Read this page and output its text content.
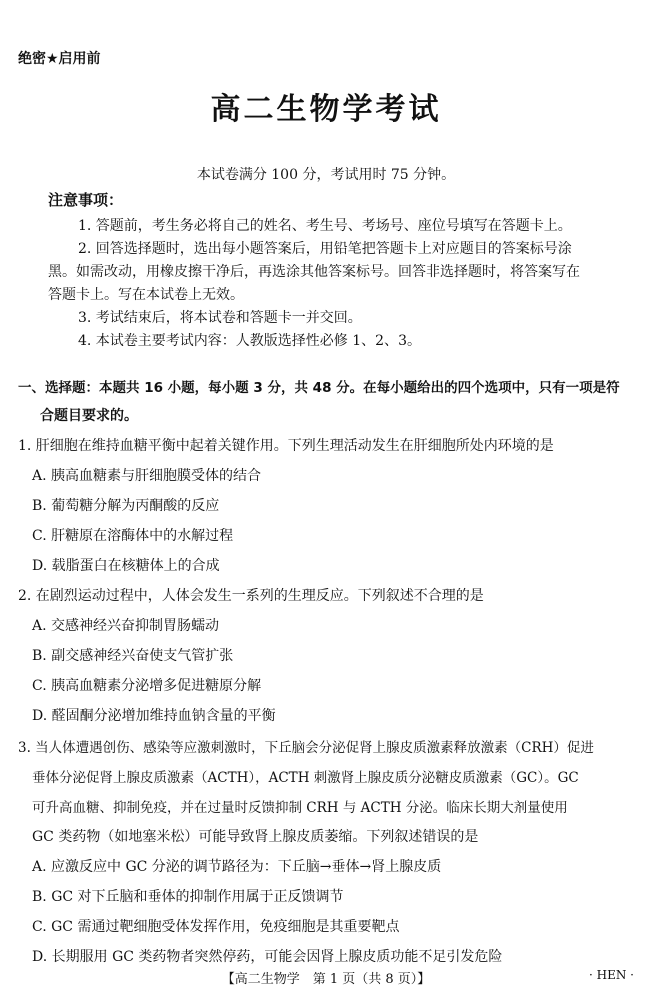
绝密★启用前
高二生物学考试
本试卷满分 100 分，考试用时 75 分钟。
注意事项：
1. 答题前，考生务必将自己的姓名、考生号、考场号、座位号填写在答题卡上。
2. 回答选择题时，选出每小题答案后，用铅笔把答题卡上对应题目的答案标号涂
黑。如需改动，用橡皮擦干净后，再选涂其他答案标号。回答非选择题时，将答案写在
答题卡上。写在本试卷上无效。
3. 考试结束后，将本试卷和答题卡一并交回。
4. 本试卷主要考试内容：人教版选择性必修 1、2、3。
一、选择题：本题共 16 小题，每小题 3 分，共 48 分。在每小题给出的四个选项中，只有一项是符
合题目要求的。
1. 肝细胞在维持血糖平衡中起着关键作用。下列生理活动发生在肝细胞所处内环境的是
A. 胰高血糖素与肝细胞膜受体的结合
B. 葡萄糖分解为丙酮酸的反应
C. 肝糖原在溶酶体中的水解过程
D. 载脂蛋白在核糖体上的合成
2. 在剧烈运动过程中，人体会发生一系列的生理反应。下列叙述不合理的是
A. 交感神经兴奋抑制胃肠蠕动
B. 副交感神经兴奋使支气管扩张
C. 胰高血糖素分泌增多促进糖原分解
D. 醛固酮分泌增加维持血钠含量的平衡
3. 当人体遭遇创伤、感染等应激刺激时，下丘脑会分泌促肾上腺皮质激素释放激素（CRH）促进
垂体分泌促肾上腺皮质激素（ACTH），ACTH 刺激肾上腺皮质分泌糖皮质激素（GC）。GC
可升高血糖、抑制免疫，并在过量时反馈抑制 CRH 与 ACTH 分泌。临床长期大剂量使用
GC 类药物（如地塞米松）可能导致肾上腺皮质萎缩。下列叙述错误的是
A. 应激反应中 GC 分泌的调节路径为：下丘脑→垂体→肾上腺皮质
B. GC 对下丘脑和垂体的抑制作用属于正反馈调节
C. GC 需通过靶细胞受体发挥作用，免疫细胞是其重要靶点
D. 长期服用 GC 类药物者突然停药，可能会因肾上腺皮质功能不足引发危险
【高二生物学　第 1 页（共 8 页）】	· HEN ·
